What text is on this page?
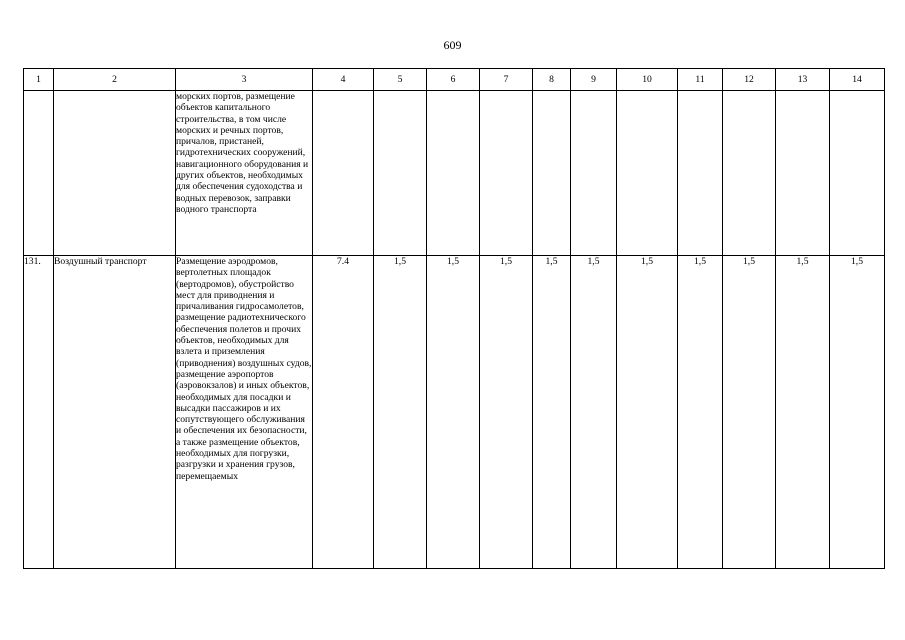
609
1	2	3	4	5	6	7	8	9	10	11	12	13	14
		морских портов, размещение объектов капитального строительства, в том числе морских и речных портов, причалов, пристаней, гидротехнических сооружений, навигационного оборудования и других объектов, необходимых для обеспечения судоходства и водных перевозок, заправки водного транспорта											
131.	Воздушный транспорт	Размещение аэродромов, вертолетных площадок (вертодромов), обустройство мест для приводнения и причаливания гидросамолетов, размещение радиотехнического обеспечения полетов и прочих объектов, необходимых для взлета и приземления (приводнения) воздушных судов, размещение аэропортов (аэровокзалов) и иных объектов, необходимых для посадки и высадки пассажиров и их сопутствующего обслуживания и обеспечения их безопасности, а также размещение объектов, необходимых для погрузки, разгрузки и хранения грузов, перемещаемых	7.4	1,5	1,5	1,5	1,5	1,5	1,5	1,5	1,5	1,5	1,5
